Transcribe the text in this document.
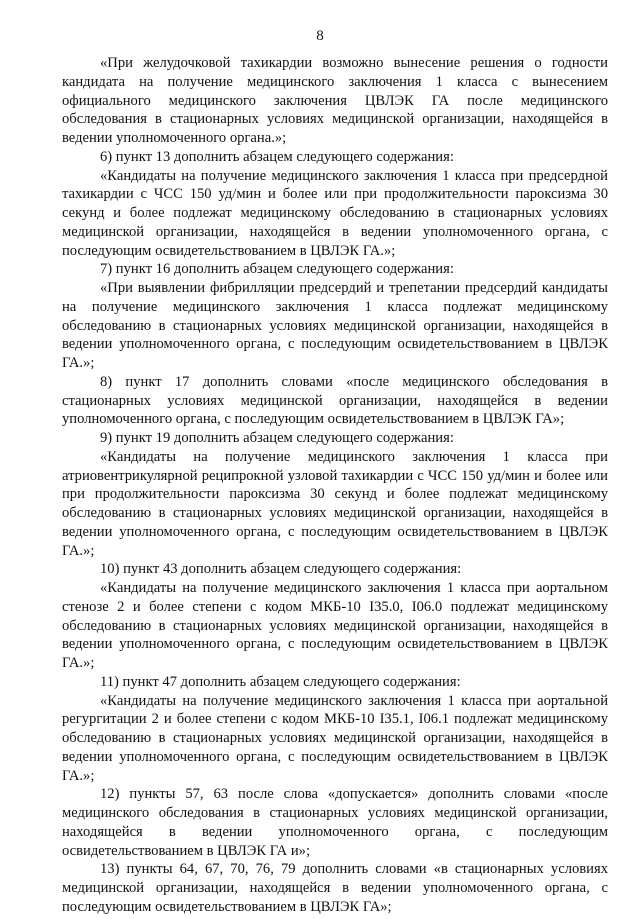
8

«При желудочковой тахикардии возможно вынесение решения о годности кандидата на получение медицинского заключения 1 класса с вынесением официального медицинского заключения ЦВЛЭК ГА после медицинского обследования в стационарных условиях медицинской организации, находящейся в ведении уполномоченного органа.»;

6) пункт 13 дополнить абзацем следующего содержания:

«Кандидаты на получение медицинского заключения 1 класса при предсердной тахикардии с ЧСС 150 уд/мин и более или при продолжительности пароксизма 30 секунд и более подлежат медицинскому обследованию в стационарных условиях медицинской организации, находящейся в ведении уполномоченного органа, с последующим освидетельствованием в ЦВЛЭК ГА.»;

7) пункт 16 дополнить абзацем следующего содержания:

«При выявлении фибрилляции предсердий и трепетании предсердий кандидаты на получение медицинского заключения 1 класса подлежат медицинскому обследованию в стационарных условиях медицинской организации, находящейся в ведении уполномоченного органа, с последующим освидетельствованием в ЦВЛЭК ГА.»;

8) пункт 17 дополнить словами «после медицинского обследования в стационарных условиях медицинской организации, находящейся в ведении уполномоченного органа, с последующим освидетельствованием в ЦВЛЭК ГА»;

9) пункт 19 дополнить абзацем следующего содержания:

«Кандидаты на получение медицинского заключения 1 класса при атриовентрикулярной реципрокной узловой тахикардии с ЧСС 150 уд/мин и более или при продолжительности пароксизма 30 секунд и более подлежат медицинскому обследованию в стационарных условиях медицинской организации, находящейся в ведении уполномоченного органа, с последующим освидетельствованием в ЦВЛЭК ГА.»;

10) пункт 43 дополнить абзацем следующего содержания:

«Кандидаты на получение медицинского заключения 1 класса при аортальном стенозе 2 и более степени с кодом МКБ-10 I35.0, I06.0 подлежат медицинскому обследованию в стационарных условиях медицинской организации, находящейся в ведении уполномоченного органа, с последующим освидетельствованием в ЦВЛЭК ГА.»;

11) пункт 47 дополнить абзацем следующего содержания:

«Кандидаты на получение медицинского заключения 1 класса при аортальной регургитации 2 и более степени с кодом МКБ-10 I35.1, I06.1 подлежат медицинскому обследованию в стационарных условиях медицинской организации, находящейся в ведении уполномоченного органа, с последующим освидетельствованием в ЦВЛЭК ГА.»;

12) пункты 57, 63 после слова «допускается» дополнить словами «после медицинского обследования в стационарных условиях медицинской организации, находящейся в ведении уполномоченного органа, с последующим освидетельствованием в ЦВЛЭК ГА и»;

13) пункты 64, 67, 70, 76, 79 дополнить словами «в стационарных условиях медицинской организации, находящейся в ведении уполномоченного органа, с последующим освидетельствованием в ЦВЛЭК ГА»;
